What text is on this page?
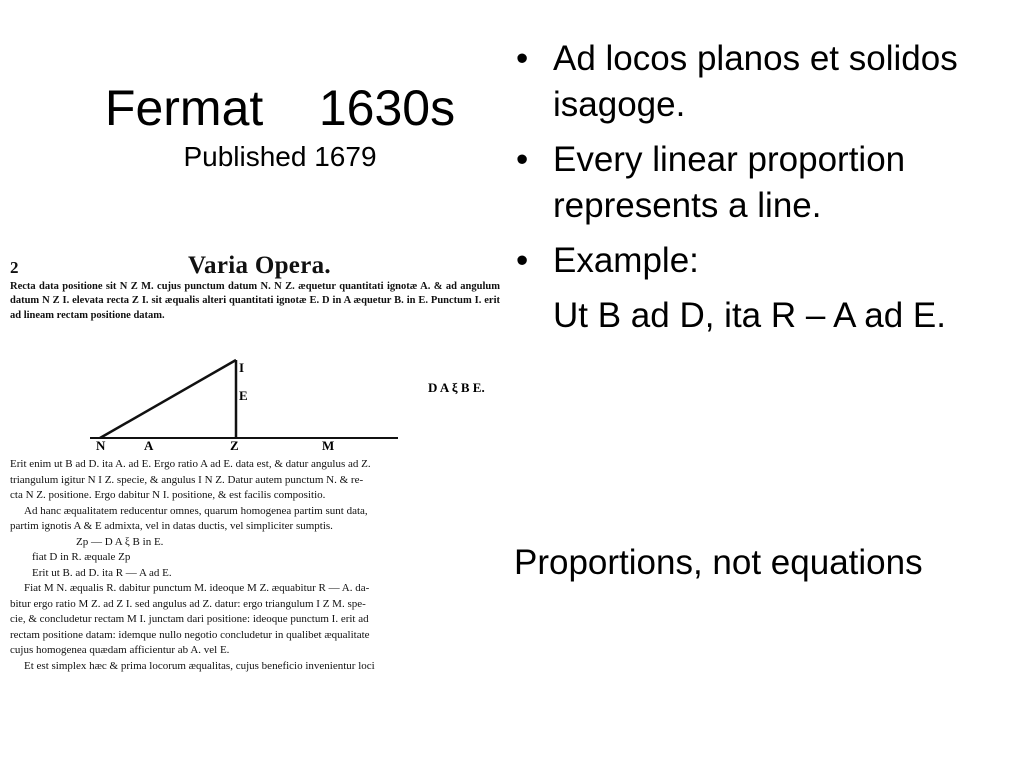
Fermat    1630s
Published 1679
2	Varia Opera.
Recta data positione sit N Z M. cujus punctum datum N. N Z. æquetur quantitati ignotæ A. & ad angulum datum N Z I. elevata recta Z I. sit æqualis alteri quantitati ignotæ E. D in A æquetur B. in E. Punctum I. erit ad lineam rectam positione datam.
I
E
N	A	Z	M
D A ξ B E.
Erit enim ut B ad D. ita A. ad E. Ergo ratio A ad E. data est, & datur angulus ad Z.
triangulum igitur N I Z. specie, & angulus I N Z. Datur autem punctum N. & re-
cta N Z. positione. Ergo dabitur N I. positione, & est facilis compositio.
Ad hanc æqualitatem reducentur omnes, quarum homogenea partim sunt data,
partim ignotis A & E admixta, vel in datas ductis, vel simpliciter sumptis.
Zp — D A ξ B in E.
fiat D in R. æquale Zp
Erit ut B. ad D. ita R — A ad E.
Fiat M N. æqualis R. dabitur punctum M. ideoque M Z. æquabitur R — A. da-
bitur ergo ratio M Z. ad Z I. sed angulus ad Z. datur: ergo triangulum I Z M. spe-
cie, & concludetur rectam M I. junctam dari positione: ideoque punctum I. erit ad
rectam positione datam: idemque nullo negotio concludetur in qualibet æqualitate
cujus homogenea quædam afficientur ab A. vel E.
Et est simplex hæc & prima locorum æqualitas, cujus beneficio invenientur loci
• Ad locos planos et solidos isagoge.
• Every linear proportion represents a line.
• Example:
Ut B ad D, ita R – A ad E.
Proportions, not equations
